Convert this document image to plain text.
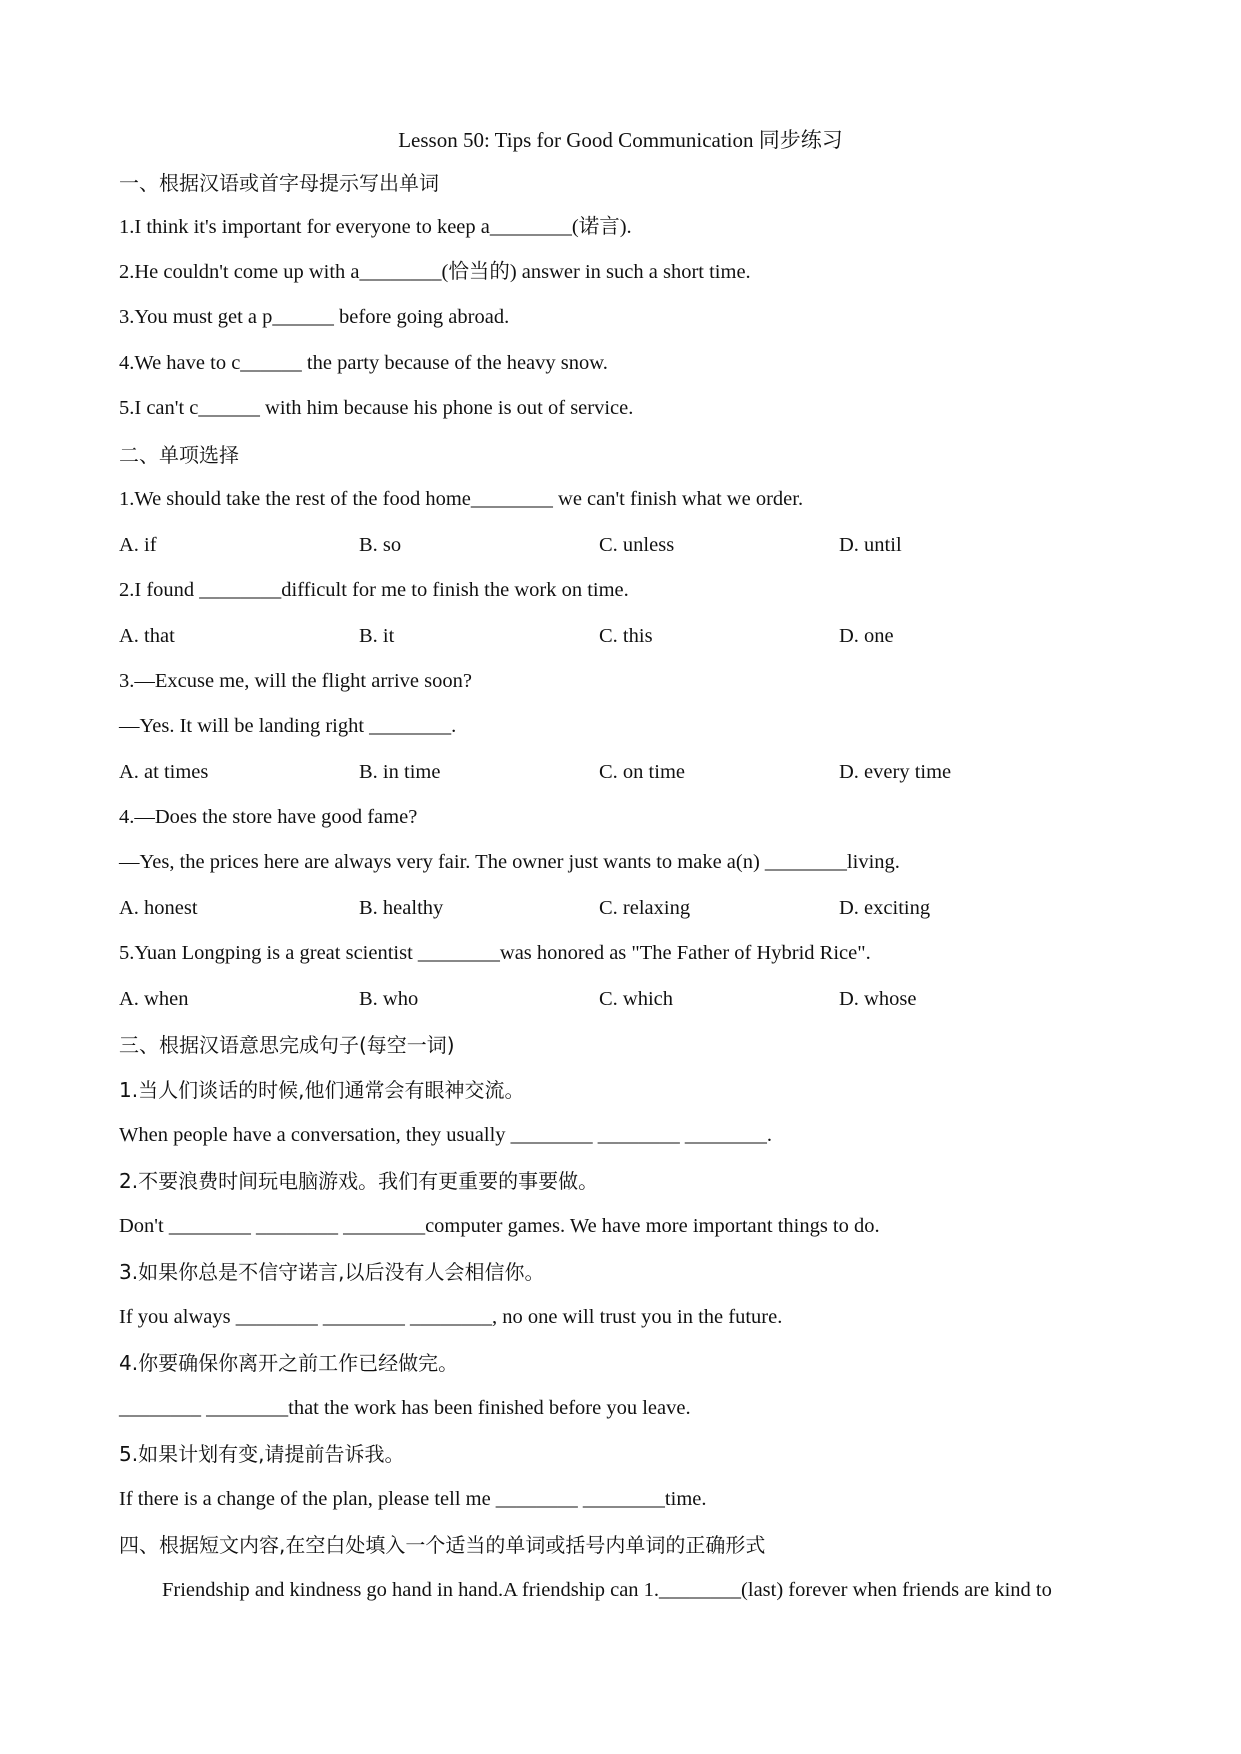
Lesson 50: Tips for Good Communication 同步练习
一、根据汉语或首字母提示写出单词
1.I think it's important for everyone to keep a________(诺言).
2.He couldn't come up with a________(恰当的) answer in such a short time.
3.You must get a p______ before going abroad.
4.We have to c______ the party because of the heavy snow.
5.I can't c______ with him because his phone is out of service.
二、单项选择
1.We should take the rest of the food home________ we can't finish what we order.
A. if	B. so	C. unless	D. until
2.I found ________difficult for me to finish the work on time.
A. that	B. it	C. this	D. one
3.—Excuse me, will the flight arrive soon?
—Yes. It will be landing right ________.
A. at times	B. in time	C. on time	D. every time
4.—Does the store have good fame?
—Yes, the prices here are always very fair. The owner just wants to make a(n) ________living.
A. honest	B. healthy	C. relaxing	D. exciting
5.Yuan Longping is a great scientist ________was honored as "The Father of Hybrid Rice".
A. when	B. who	C. which	D. whose
三、根据汉语意思完成句子(每空一词)
1.当人们谈话的时候,他们通常会有眼神交流。
When people have a conversation, they usually ________ ________ ________.
2.不要浪费时间玩电脑游戏。我们有更重要的事要做。
Don't ________ ________ ________computer games. We have more important things to do.
3.如果你总是不信守诺言,以后没有人会相信你。
If you always ________ ________ ________, no one will trust you in the future.
4.你要确保你离开之前工作已经做完。
________ ________that the work has been finished before you leave.
5.如果计划有变,请提前告诉我。
If there is a change of the plan, please tell me ________ ________time.
四、根据短文内容,在空白处填入一个适当的单词或括号内单词的正确形式
Friendship and kindness go hand in hand.A friendship can 1.________(last) forever when friends are kind to
